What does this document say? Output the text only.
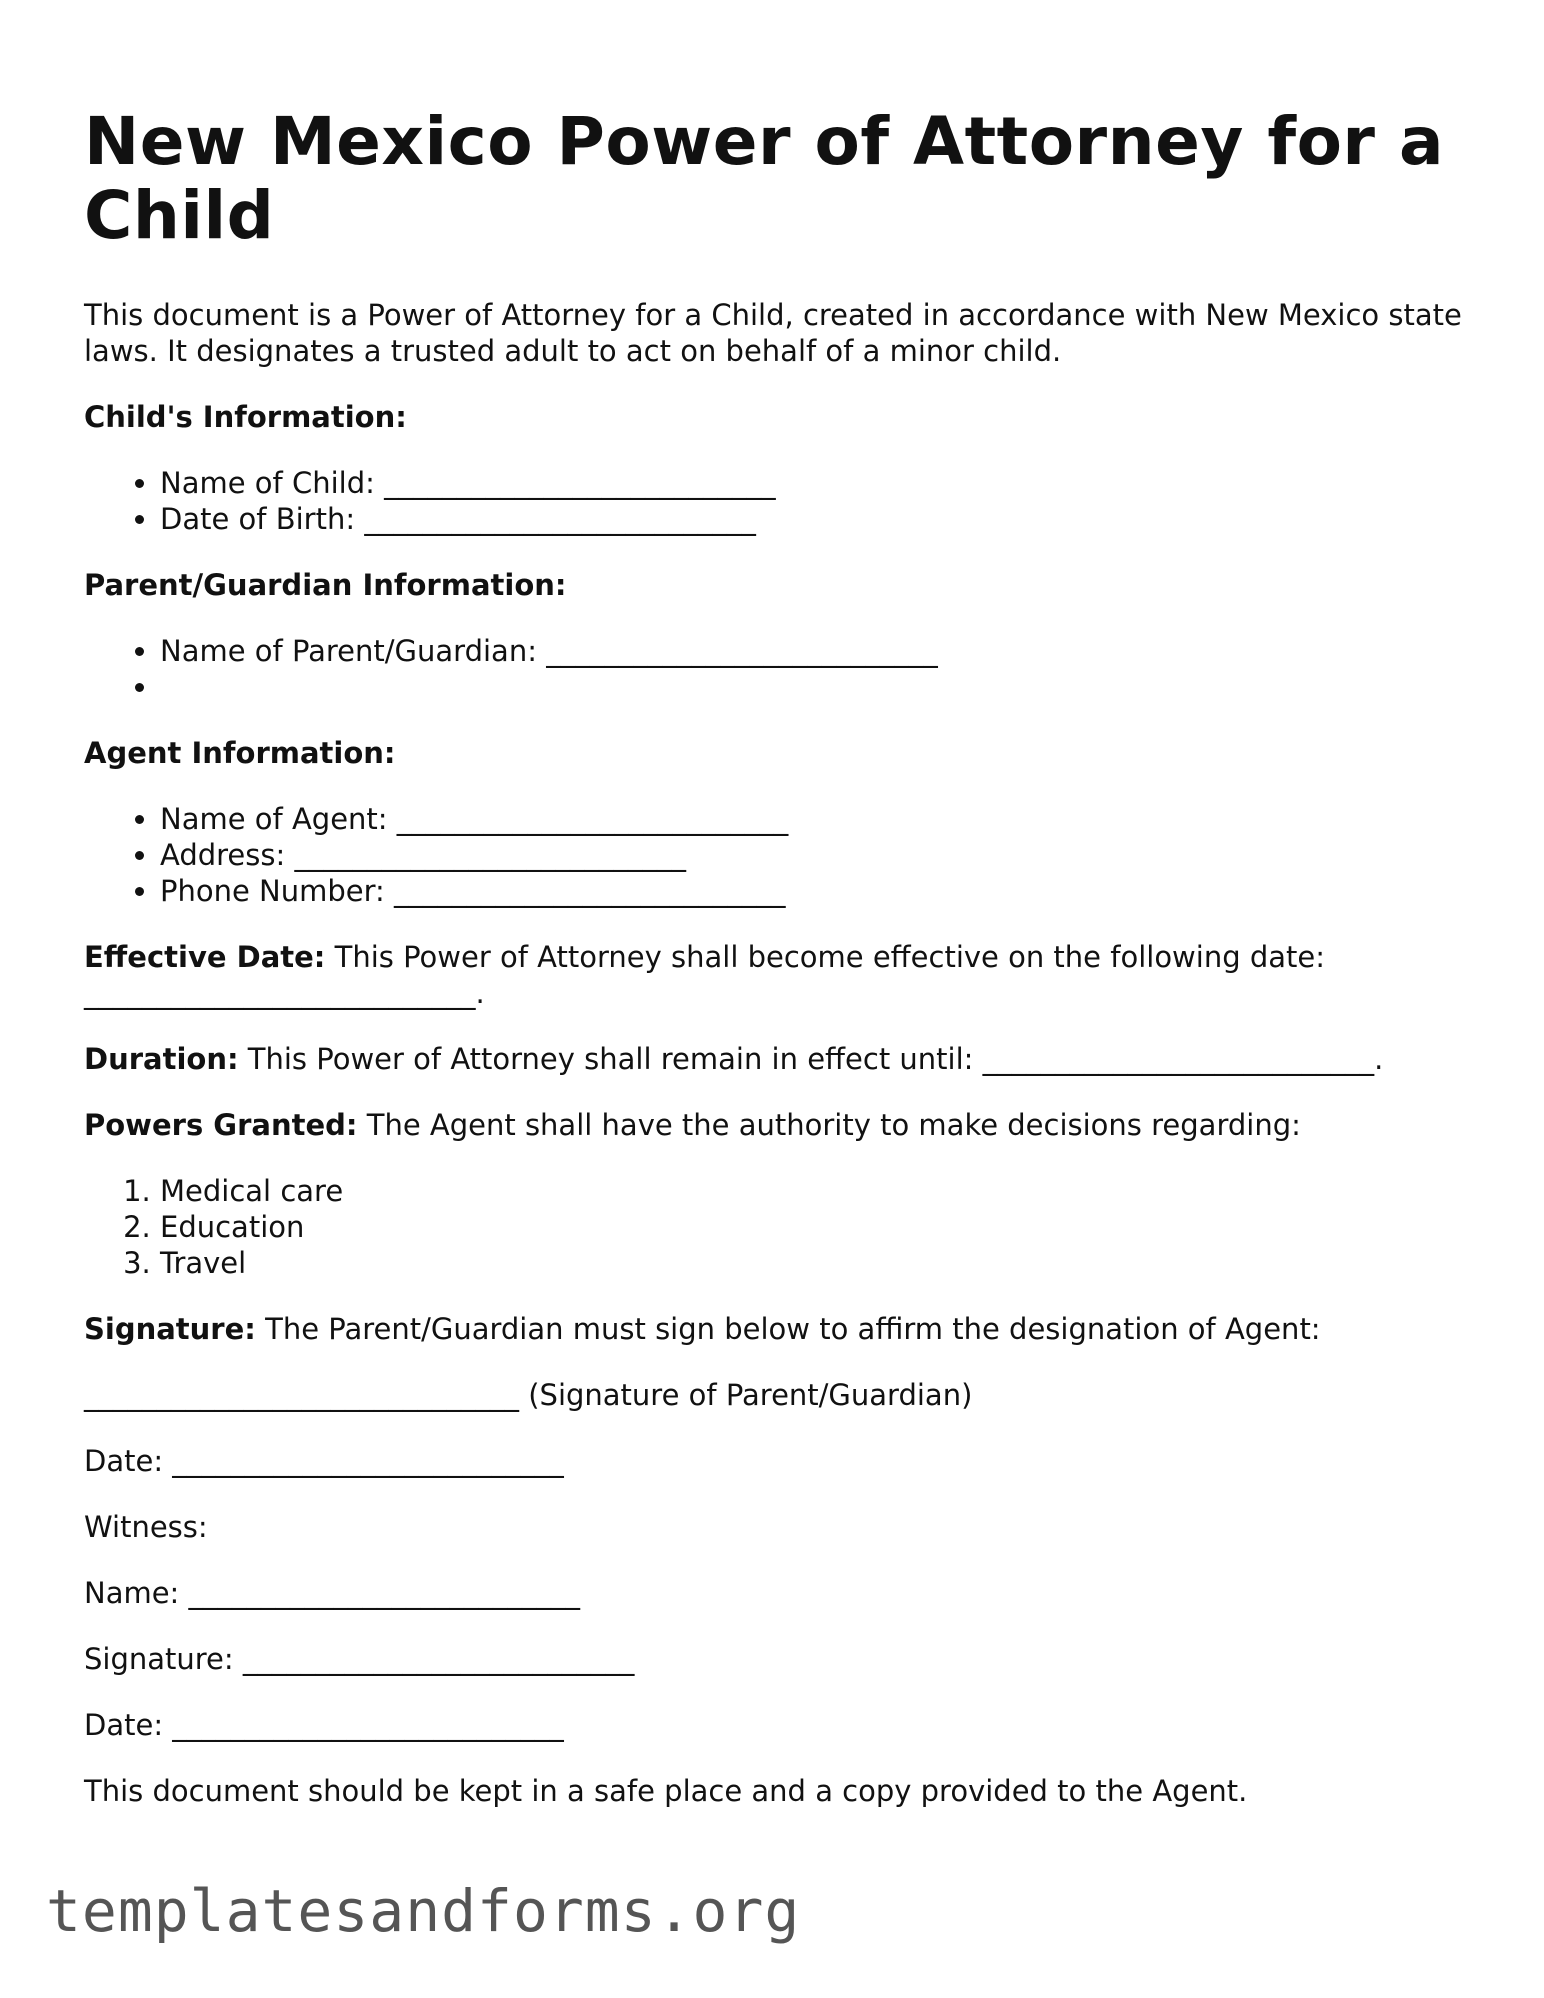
New Mexico Power of Attorney for a Child

This document is a Power of Attorney for a Child, created in accordance with New Mexico state laws. It designates a trusted adult to act on behalf of a minor child.

Child's Information:

• Name of Child: ___________________________
• Date of Birth: ___________________________

Parent/Guardian Information:

• Name of Parent/Guardian: ___________________________
•

Agent Information:

• Name of Agent: ___________________________
• Address: ___________________________
• Phone Number: ___________________________

Effective Date: This Power of Attorney shall become effective on the following date: ___________________________.

Duration: This Power of Attorney shall remain in effect until: ___________________________.

Powers Granted: The Agent shall have the authority to make decisions regarding:

1. Medical care
2. Education
3. Travel

Signature: The Parent/Guardian must sign below to affirm the designation of Agent:

______________________________ (Signature of Parent/Guardian)

Date: ___________________________

Witness:

Name: ___________________________

Signature: ___________________________

Date: ___________________________

This document should be kept in a safe place and a copy provided to the Agent.

templatesandforms.org
